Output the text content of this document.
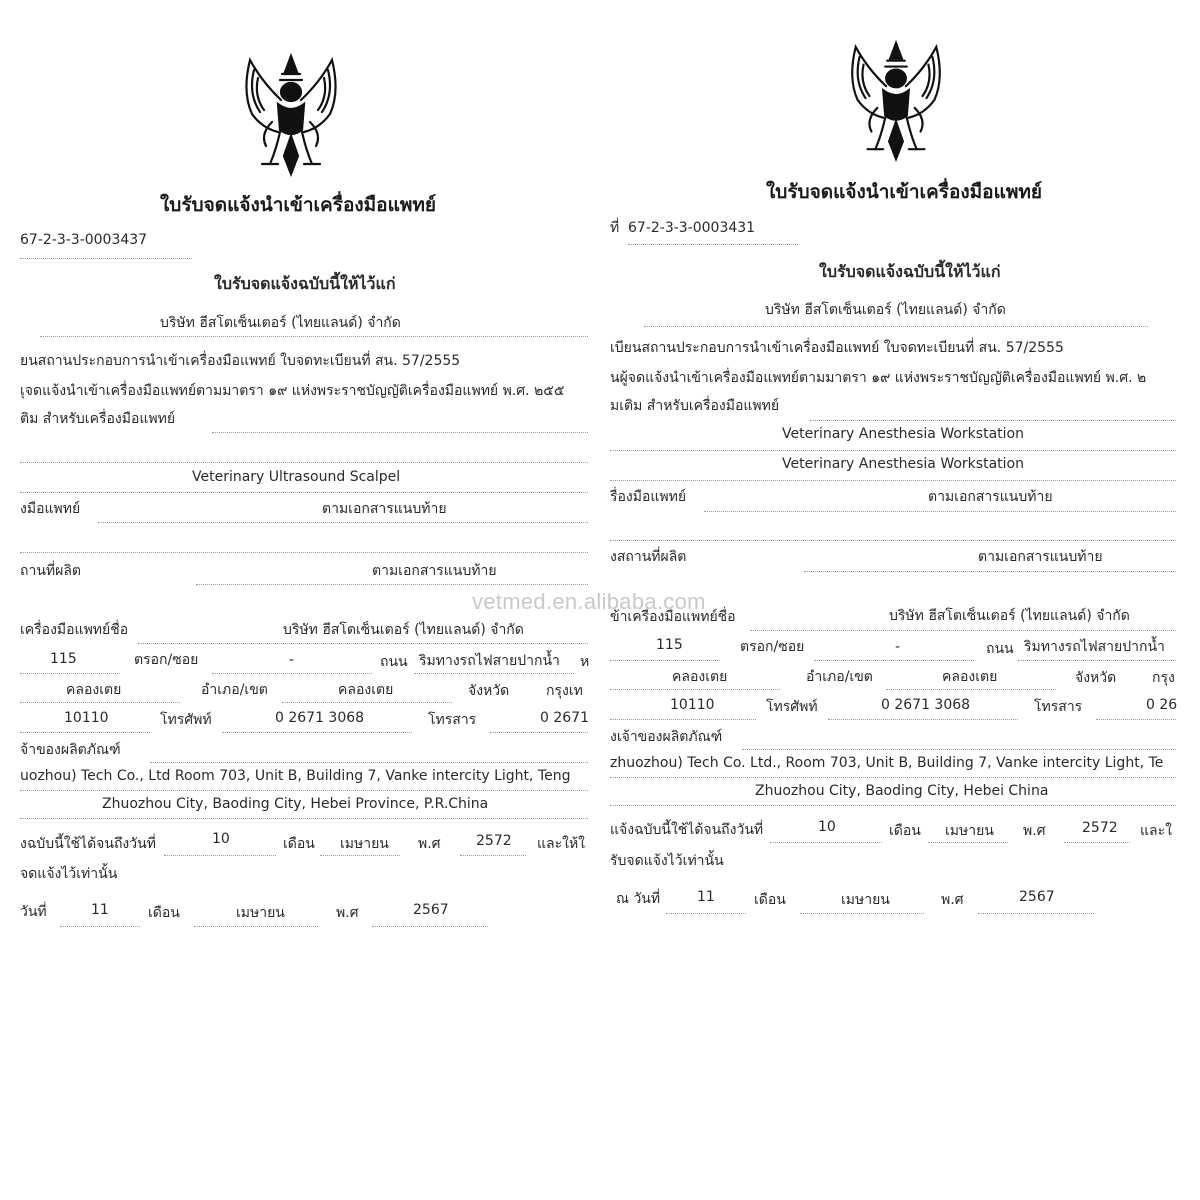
ใบรับจดแจ้งนำเข้าเครื่องมือแพทย์
67-2-3-3-0003437
ใบรับจดแจ้งฉบับนี้ให้ไว้แก่
บริษัท ฮีสโตเซ็นเตอร์ (ไทยแลนด์) จำกัด
ยนสถานประกอบการนำเข้าเครื่องมือแพทย์ ใบจดทะเบียนที่ สน. 57/2555
เุจดแจ้งนำเข้าเครื่องมือแพทย์ตามมาตรา ๑๙ แห่งพระราชบัญญัติเครื่องมือแพทย์ พ.ศ. ๒๕๕
ติม สำหรับเครื่องมือแพทย์
Veterinary Ultrasound Scalpel
งมือแพทย์	ตามเอกสารแนบท้าย
ถานที่ผลิต	ตามเอกสารแนบท้าย
เครื่องมือแพทย์ชื่อ	บริษัท ฮีสโตเซ็นเตอร์ (ไทยแลนด์) จำกัด
115	ตรอก/ซอย	-	ถนน ริมทางรถไฟสายปากน้ำ ห
คลองเตย	อำเภอ/เขต	คลองเตย	จังหวัด	กรุงเท
10110	โทรศัพท์	0 2671 3068	โทรสาร	0 2671
จ้าของผลิตภัณฑ์
uozhou) Tech Co., Ltd Room 703, Unit B, Building 7, Vanke intercity Light, Teng
Zhuozhou City, Baoding City, Hebei Province, P.R.China
งฉบับนี้ใช้ได้จนถึงวันที่	10	เดือน เมษายน พ.ศ	2572 และให้ใ
จดแจ้งไว้เท่านั้น
วันที่	11	เดือน	เมษายน	พ.ศ	2567
ใบรับจดแจ้งนำเข้าเครื่องมือแพทย์
ที่ 67-2-3-3-0003431
ใบรับจดแจ้งฉบับนี้ให้ไว้แก่
บริษัท ฮีสโตเซ็นเตอร์ (ไทยแลนด์) จำกัด
เบียนสถานประกอบการนำเข้าเครื่องมือแพทย์ ใบจดทะเบียนที่ สน. 57/2555
นผู้จดแจ้งนำเข้าเครื่องมือแพทย์ตามมาตรา ๑๙ แห่งพระราชบัญญัติเครื่องมือแพทย์ พ.ศ. ๒
มเติม สำหรับเครื่องมือแพทย์
Veterinary Anesthesia Workstation
Veterinary Anesthesia Workstation
รื่องมือแพทย์	ตามเอกสารแนบท้าย
งสถานที่ผลิต	ตามเอกสารแนบท้าย
ข้าเครื่องมือแพทย์ชื่อ	บริษัท ฮีสโตเซ็นเตอร์ (ไทยแลนด์) จำกัด
115	ตรอก/ซอย	-	ถนน ริมทางรถไฟสายปากน้ำ
คลองเตย	อำเภอ/เขต	คลองเตย	จังหวัด	กรุง
10110	โทรศัพท์	0 2671 3068	โทรสาร	0 26
งเจ้าของผลิตภัณฑ์
zhuozhou) Tech Co. Ltd., Room 703, Unit B, Building 7, Vanke intercity Light, Te
Zhuozhou City, Baoding City, Hebei China
แจ้งฉบับนี้ใช้ได้จนถึงวันที่	10	เดือน เมษายน พ.ศ	2572 และใ
รับจดแจ้งไว้เท่านั้น
ณ วันที่	11	เดือน	เมษายน	พ.ศ	2567
vetmed.en.alibaba.com
